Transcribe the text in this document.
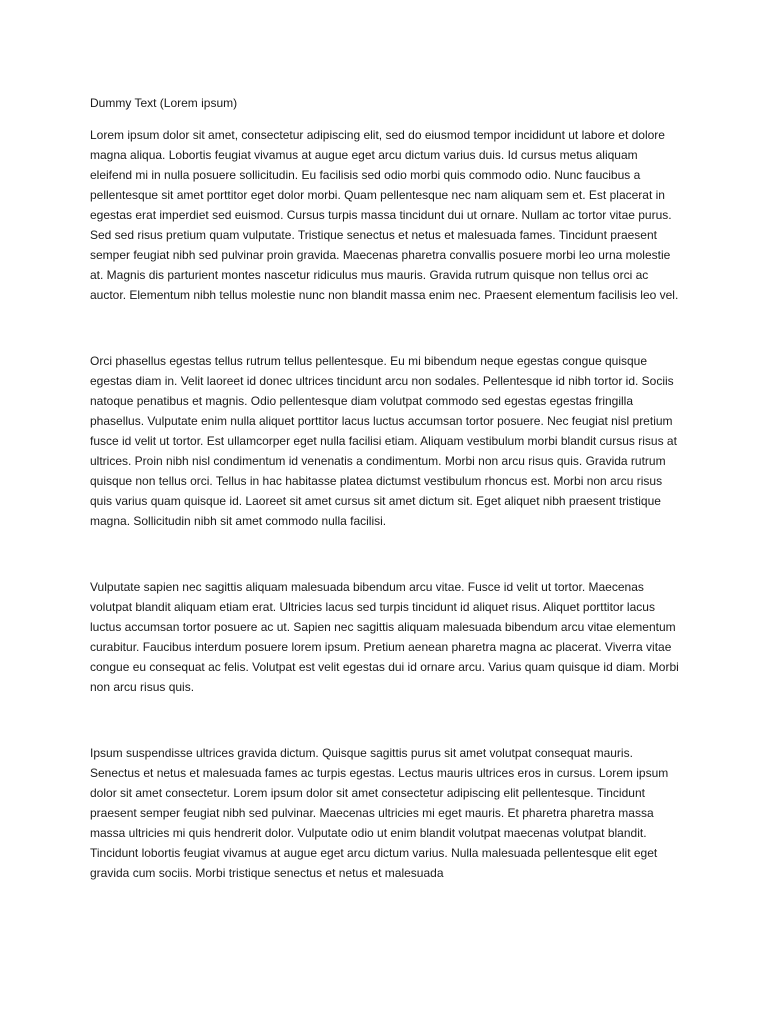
Dummy Text (Lorem ipsum)

Lorem ipsum dolor sit amet, consectetur adipiscing elit, sed do eiusmod tempor incididunt ut labore et dolore magna aliqua. Lobortis feugiat vivamus at augue eget arcu dictum varius duis. Id cursus metus aliquam eleifend mi in nulla posuere sollicitudin. Eu facilisis sed odio morbi quis commodo odio. Nunc faucibus a pellentesque sit amet porttitor eget dolor morbi. Quam pellentesque nec nam aliquam sem et. Est placerat in egestas erat imperdiet sed euismod. Cursus turpis massa tincidunt dui ut ornare. Nullam ac tortor vitae purus. Sed sed risus pretium quam vulputate. Tristique senectus et netus et malesuada fames. Tincidunt praesent semper feugiat nibh sed pulvinar proin gravida. Maecenas pharetra convallis posuere morbi leo urna molestie at. Magnis dis parturient montes nascetur ridiculus mus mauris. Gravida rutrum quisque non tellus orci ac auctor. Elementum nibh tellus molestie nunc non blandit massa enim nec. Praesent elementum facilisis leo vel.

Orci phasellus egestas tellus rutrum tellus pellentesque. Eu mi bibendum neque egestas congue quisque egestas diam in. Velit laoreet id donec ultrices tincidunt arcu non sodales. Pellentesque id nibh tortor id. Sociis natoque penatibus et magnis. Odio pellentesque diam volutpat commodo sed egestas egestas fringilla phasellus. Vulputate enim nulla aliquet porttitor lacus luctus accumsan tortor posuere. Nec feugiat nisl pretium fusce id velit ut tortor. Est ullamcorper eget nulla facilisi etiam. Aliquam vestibulum morbi blandit cursus risus at ultrices. Proin nibh nisl condimentum id venenatis a condimentum. Morbi non arcu risus quis. Gravida rutrum quisque non tellus orci. Tellus in hac habitasse platea dictumst vestibulum rhoncus est. Morbi non arcu risus quis varius quam quisque id. Laoreet sit amet cursus sit amet dictum sit. Eget aliquet nibh praesent tristique magna. Sollicitudin nibh sit amet commodo nulla facilisi.

Vulputate sapien nec sagittis aliquam malesuada bibendum arcu vitae. Fusce id velit ut tortor. Maecenas volutpat blandit aliquam etiam erat. Ultricies lacus sed turpis tincidunt id aliquet risus. Aliquet porttitor lacus luctus accumsan tortor posuere ac ut. Sapien nec sagittis aliquam malesuada bibendum arcu vitae elementum curabitur. Faucibus interdum posuere lorem ipsum. Pretium aenean pharetra magna ac placerat. Viverra vitae congue eu consequat ac felis. Volutpat est velit egestas dui id ornare arcu. Varius quam quisque id diam. Morbi non arcu risus quis.

Ipsum suspendisse ultrices gravida dictum. Quisque sagittis purus sit amet volutpat consequat mauris. Senectus et netus et malesuada fames ac turpis egestas. Lectus mauris ultrices eros in cursus. Lorem ipsum dolor sit amet consectetur. Lorem ipsum dolor sit amet consectetur adipiscing elit pellentesque. Tincidunt praesent semper feugiat nibh sed pulvinar. Maecenas ultricies mi eget mauris. Et pharetra pharetra massa massa ultricies mi quis hendrerit dolor. Vulputate odio ut enim blandit volutpat maecenas volutpat blandit. Tincidunt lobortis feugiat vivamus at augue eget arcu dictum varius. Nulla malesuada pellentesque elit eget gravida cum sociis. Morbi tristique senectus et netus et malesuada
